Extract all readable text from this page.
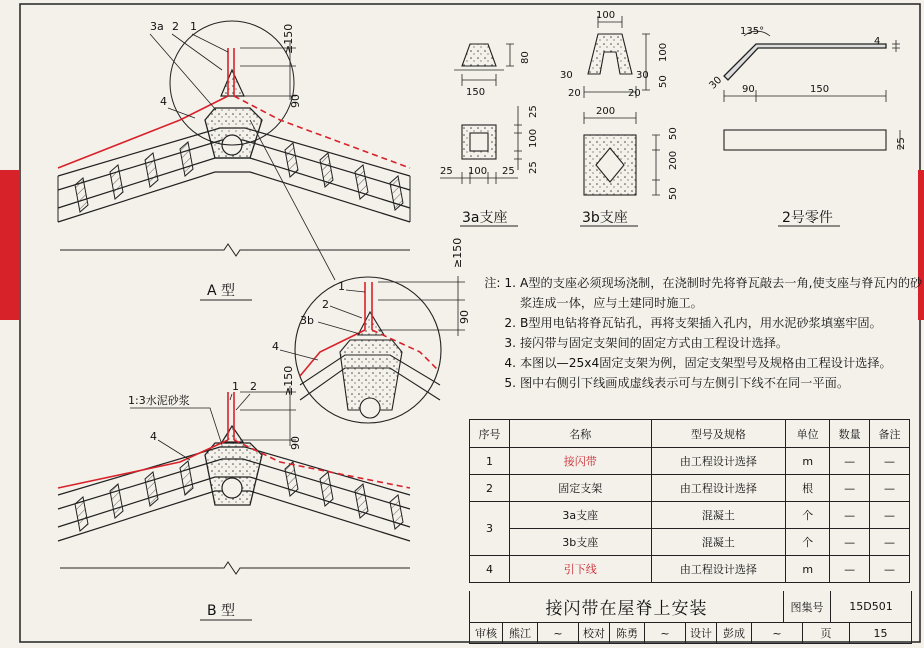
≥150
90
3a 2 1
4
A 型
≥150
90
1
2
3b
4
≥150
90
1:3水泥砂浆
1 2
4
B 型
150
80
25 100 25
25
100
25
3a支座
100
30	30
20	20
100
50
200
50
200
50
3b支座
135°
30 90	150
4
25
2号零件
注: 1. A型的支座必须现场浇制，在浇制时先将脊瓦敲去一角,使支座与脊瓦内的砂
浆连成一体，应与土建同时施工。
2. B型用电钻将脊瓦钻孔，再将支架插入孔内，用水泥砂浆填塞牢固。
3. 接闪带与固定支架间的固定方式由工程设计选择。
4. 本图以—25x4固定支架为例，固定支架型号及规格由工程设计选择。
5. 图中右侧引下线画成虚线表示可与左侧引下线不在同一平面。
序号	名称	型号及规格	单位	数量	备注
1	接闪带	由工程设计选择	m	—	—
2	固定支架	由工程设计选择	根	—	—
3	3a支座	混凝土	个	—	—
	3b支座	混凝土	个	—	—
4	引下线	由工程设计选择	m	—	—
接闪带在屋脊上安装	图集号	15D501
审核	熊江	~	校对	陈勇	~	设计	彭成	~	页	15
